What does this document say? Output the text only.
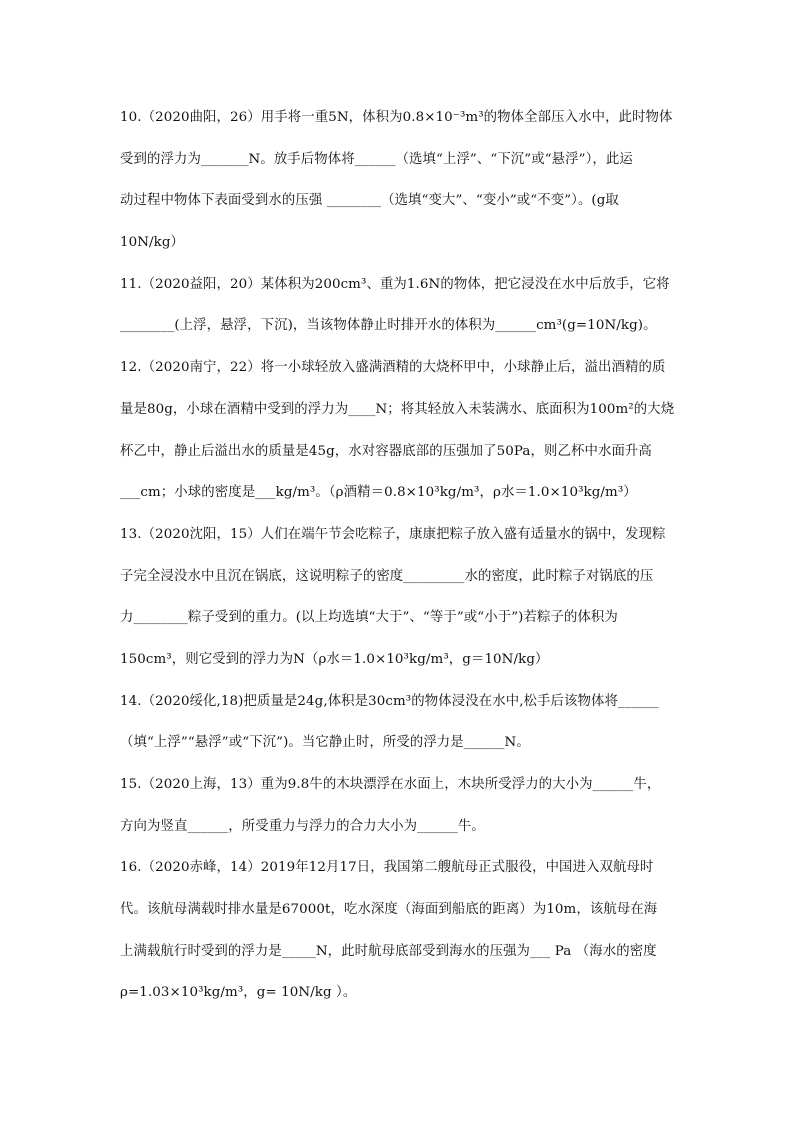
10.（2020曲阳，26）用手将一重5N，体积为0.8×10⁻³m³的物体全部压入水中，此时物体
受到的浮力为_______N。放手后物体将______（选填“上浮”、“下沉”或“悬浮”），此运
动过程中物体下表面受到水的压强 ________（选填“变大”、“变小”或“不变”）。(g取
10N/kg）
11.（2020益阳，20）某体积为200cm³、重为1.6N的物体，把它浸没在水中后放手，它将
________(上浮，悬浮，下沉)，当该物体静止时排开水的体积为______cm³(g=10N/kg)。
12.（2020南宁，22）将一小球轻放入盛满酒精的大烧杯甲中，小球静止后，溢出酒精的质
量是80g，小球在酒精中受到的浮力为____N；将其轻放入未装满水、底面积为100m²的大烧
杯乙中，静止后溢出水的质量是45g，水对容器底部的压强加了50Pa，则乙杯中水面升高
___cm；小球的密度是___kg/m³。（ρ酒精＝0.8×10³kg/m³，ρ水＝1.0×10³kg/m³）
13.（2020沈阳，15）人们在端午节会吃粽子，康康把粽子放入盛有适量水的锅中，发现粽
子完全浸没水中且沉在锅底，这说明粽子的密度_________水的密度，此时粽子对锅底的压
力________粽子受到的重力。(以上均选填“大于”、“等于”或“小于”)若粽子的体积为
150cm³，则它受到的浮力为N（ρ水＝1.0×10³kg/m³，g＝10N/kg）
14.（2020绥化,18)把质量是24g,体积是30cm³的物体浸没在水中,松手后该物体将______
（填“上浮”“悬浮”或“下沉”)。当它静止时，所受的浮力是______N。
15.（2020上海，13）重为9.8牛的木块漂浮在水面上，木块所受浮力的大小为______牛，
方向为竖直______，所受重力与浮力的合力大小为______牛。
16.（2020赤峰，14）2019年12月17日，我国第二艘航母正式服役，中国进入双航母时
代。该航母满载时排水量是67000t，吃水深度（海面到船底的距离）为10m，该航母在海
上满载航行时受到的浮力是_____N，此时航母底部受到海水的压强为___ Pa （海水的密度
ρ=1.03×10³kg/m³，g= 10N/kg ）。
